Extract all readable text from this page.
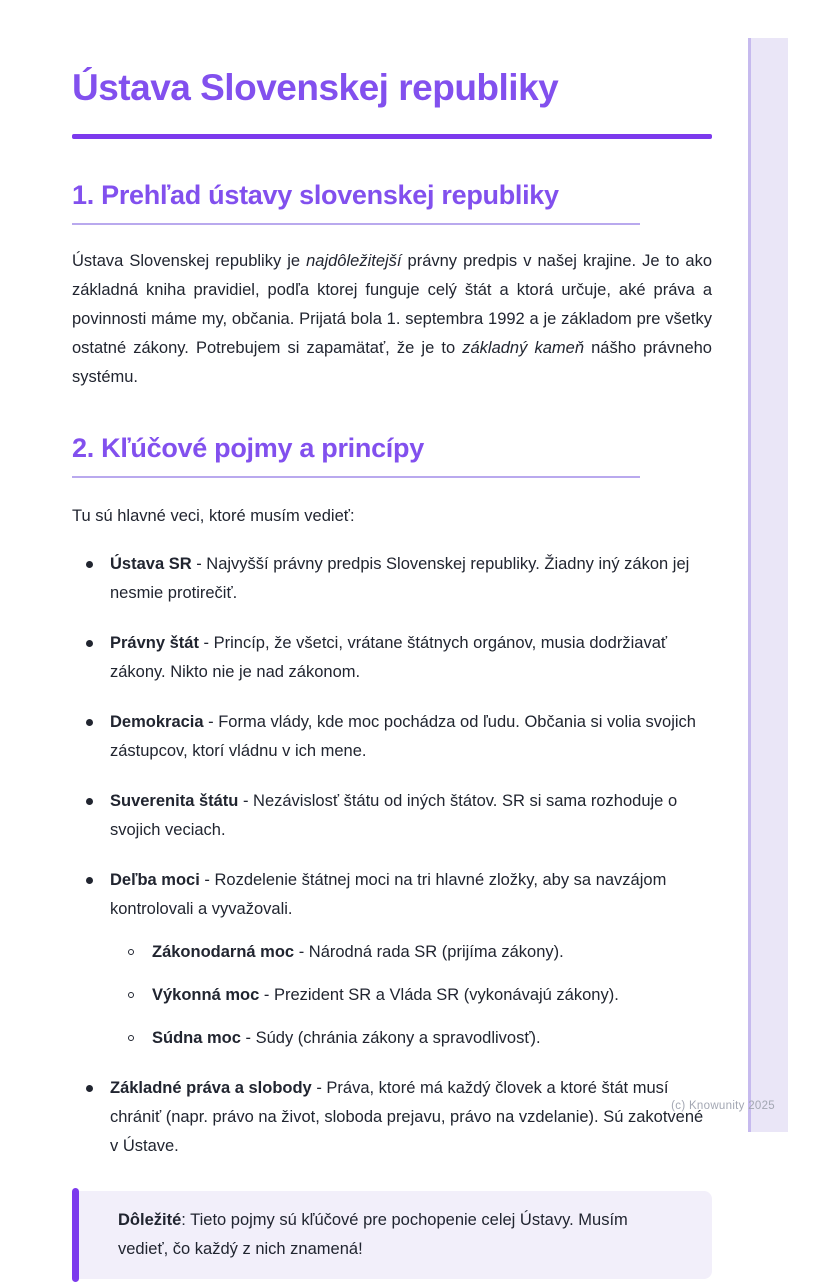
Ústava Slovenskej republiky
1. Prehľad ústavy slovenskej republiky

Ústava Slovenskej republiky je najdôležitejší právny predpis v našej krajine. Je to ako základná kniha pravidiel, podľa ktorej funguje celý štát a ktorá určuje, aké práva a povinnosti máme my, občania. Prijatá bola 1. septembra 1992 a je základom pre všetky ostatné zákony. Potrebujem si zapamätať, že je to základný kameň nášho právneho systému.

2. Kľúčové pojmy a princípy

Tu sú hlavné veci, ktoré musím vedieť:

Ústava SR - Najvyšší právny predpis Slovenskej republiky. Žiadny iný zákon jej nesmie protirečiť.
Právny štát - Princíp, že všetci, vrátane štátnych orgánov, musia dodržiavať zákony. Nikto nie je nad zákonom.
Demokracia - Forma vlády, kde moc pochádza od ľudu. Občania si volia svojich zástupcov, ktorí vládnu v ich mene.
Suverenita štátu - Nezávislosť štátu od iných štátov. SR si sama rozhoduje o svojich veciach.
Deľba moci - Rozdelenie štátnej moci na tri hlavné zložky, aby sa navzájom kontrolovali a vyvažovali.
Zákonodarná moc - Národná rada SR (prijíma zákony).
Výkonná moc - Prezident SR a Vláda SR (vykonávajú zákony).
Súdna moc - Súdy (chránia zákony a spravodlivosť).
Základné práva a slobody - Práva, ktoré má každý človek a ktoré štát musí chrániť (napr. právo na život, sloboda prejavu, právo na vzdelanie). Sú zakotvené v Ústave.
Dôležité: Tieto pojmy sú kľúčové pre pochopenie celej Ústavy. Musím vedieť, čo každý z nich znamená!
(c) Knowunity 2025
